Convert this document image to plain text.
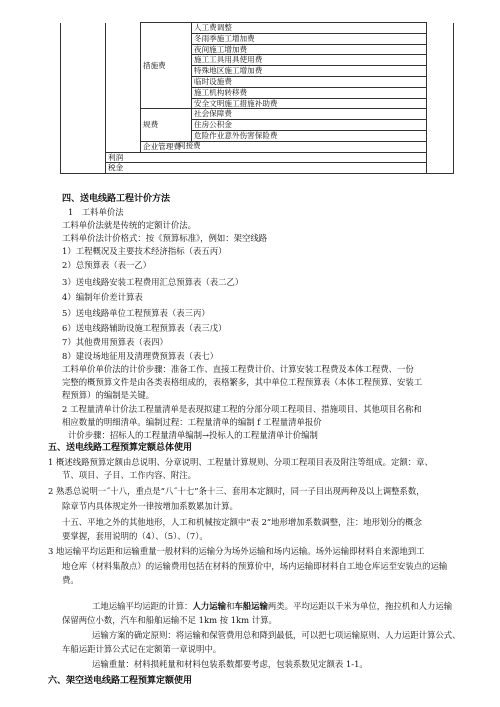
		措施费	人工费调整	
			冬雨季施工增加费	
			夜间施工增加费	
			施工工具用具使用费	
			特殊地区施工增加费	
			临时设施费	
			施工机构转移费	
			安全文明施工措施补助费	
		规费	社会保障费	
			住房公积金	
			危险作业意外伤害保险费	
		企业管理费		
	利润			
	税金			
间接费
四、送电线路工程计价方法
1　工料单价法
工料单价法就是传统的定额计价法。
工料单价法计价格式：按《预算标准》，例如：架空线路
1）工程概况及主要技术经济指标（表五丙）
2）总预算表（表一乙）
3）送电线路安装工程费用汇总预算表（表二乙）
4）编制年价差计算表
5）送电线路单位工程预算表（表三丙）
6）送电线路辅助设施工程预算表（表三戊）
7）其他费用预算表（表四）
8）建设场地征用及清理费预算表（表七）
工料单价单价法的计价步骤：准备工作、直接工程费计价、计算安装工程费及本体工程费、一份
完整的概预算文件是由各类表格组成的，表格繁多，其中单位工程预算表（本体工程预算、安装工
程预算）的编制是关键。
2 工程量清单计价法工程量清单是表现拟建工程的分部分项工程项目、措施项目、其他项目名称和
相应数量的明细清单。编制过程：工程量清单的编制 f 工程量清单报价
计价步骤：招标人的工程量清单编制→投标人的工程量清单计价编制
五、送电线路工程预算定额总体使用
1 概述线路预算定额由总说明、分章说明、工程量计算规则、分项工程项目表及附注等组成。定额：章、
节、项目、子目、工作内容、附注。
2 熟悉总说明一˝十八，重点是“八˝十七”条十三、套用本定额时，同一子目出现两种及以上调整系数，
除章节内具体规定外一律按增加系数累加计算。
十五、平地之外的其他地形，人工和机械按定额中“表 2”地形增加系数调整，注：地形划分的概念
要掌握，套用说明的（4）、（5）、（7）。
3 地运输平均运距和运输重量一般材料的运输分为场外运输和场内运输。场外运输即材料自来源地到工
地仓库（材料集散点）的运输费用包括在材料的预算价中，场内运输即材料自工地仓库运至安装点的运输
费。
工地运输平均运距的计算：人力运输和车船运输两类。平均运距以千米为单位，拖拉机和人力运输
保留两位小数，汽车和船舶运输不足 1km 按 1km 计算。
运输方案的确定原则：将运输和保管费用总和降到最低，可以把七项运输原则、人力运距计算公式、
车船运距计算公式记在定额第一章说明中。
运输重量：材料损耗量和材料包装系数都要考虑，包装系数见定额表 1-1。
六、架空送电线路工程预算定额使用
